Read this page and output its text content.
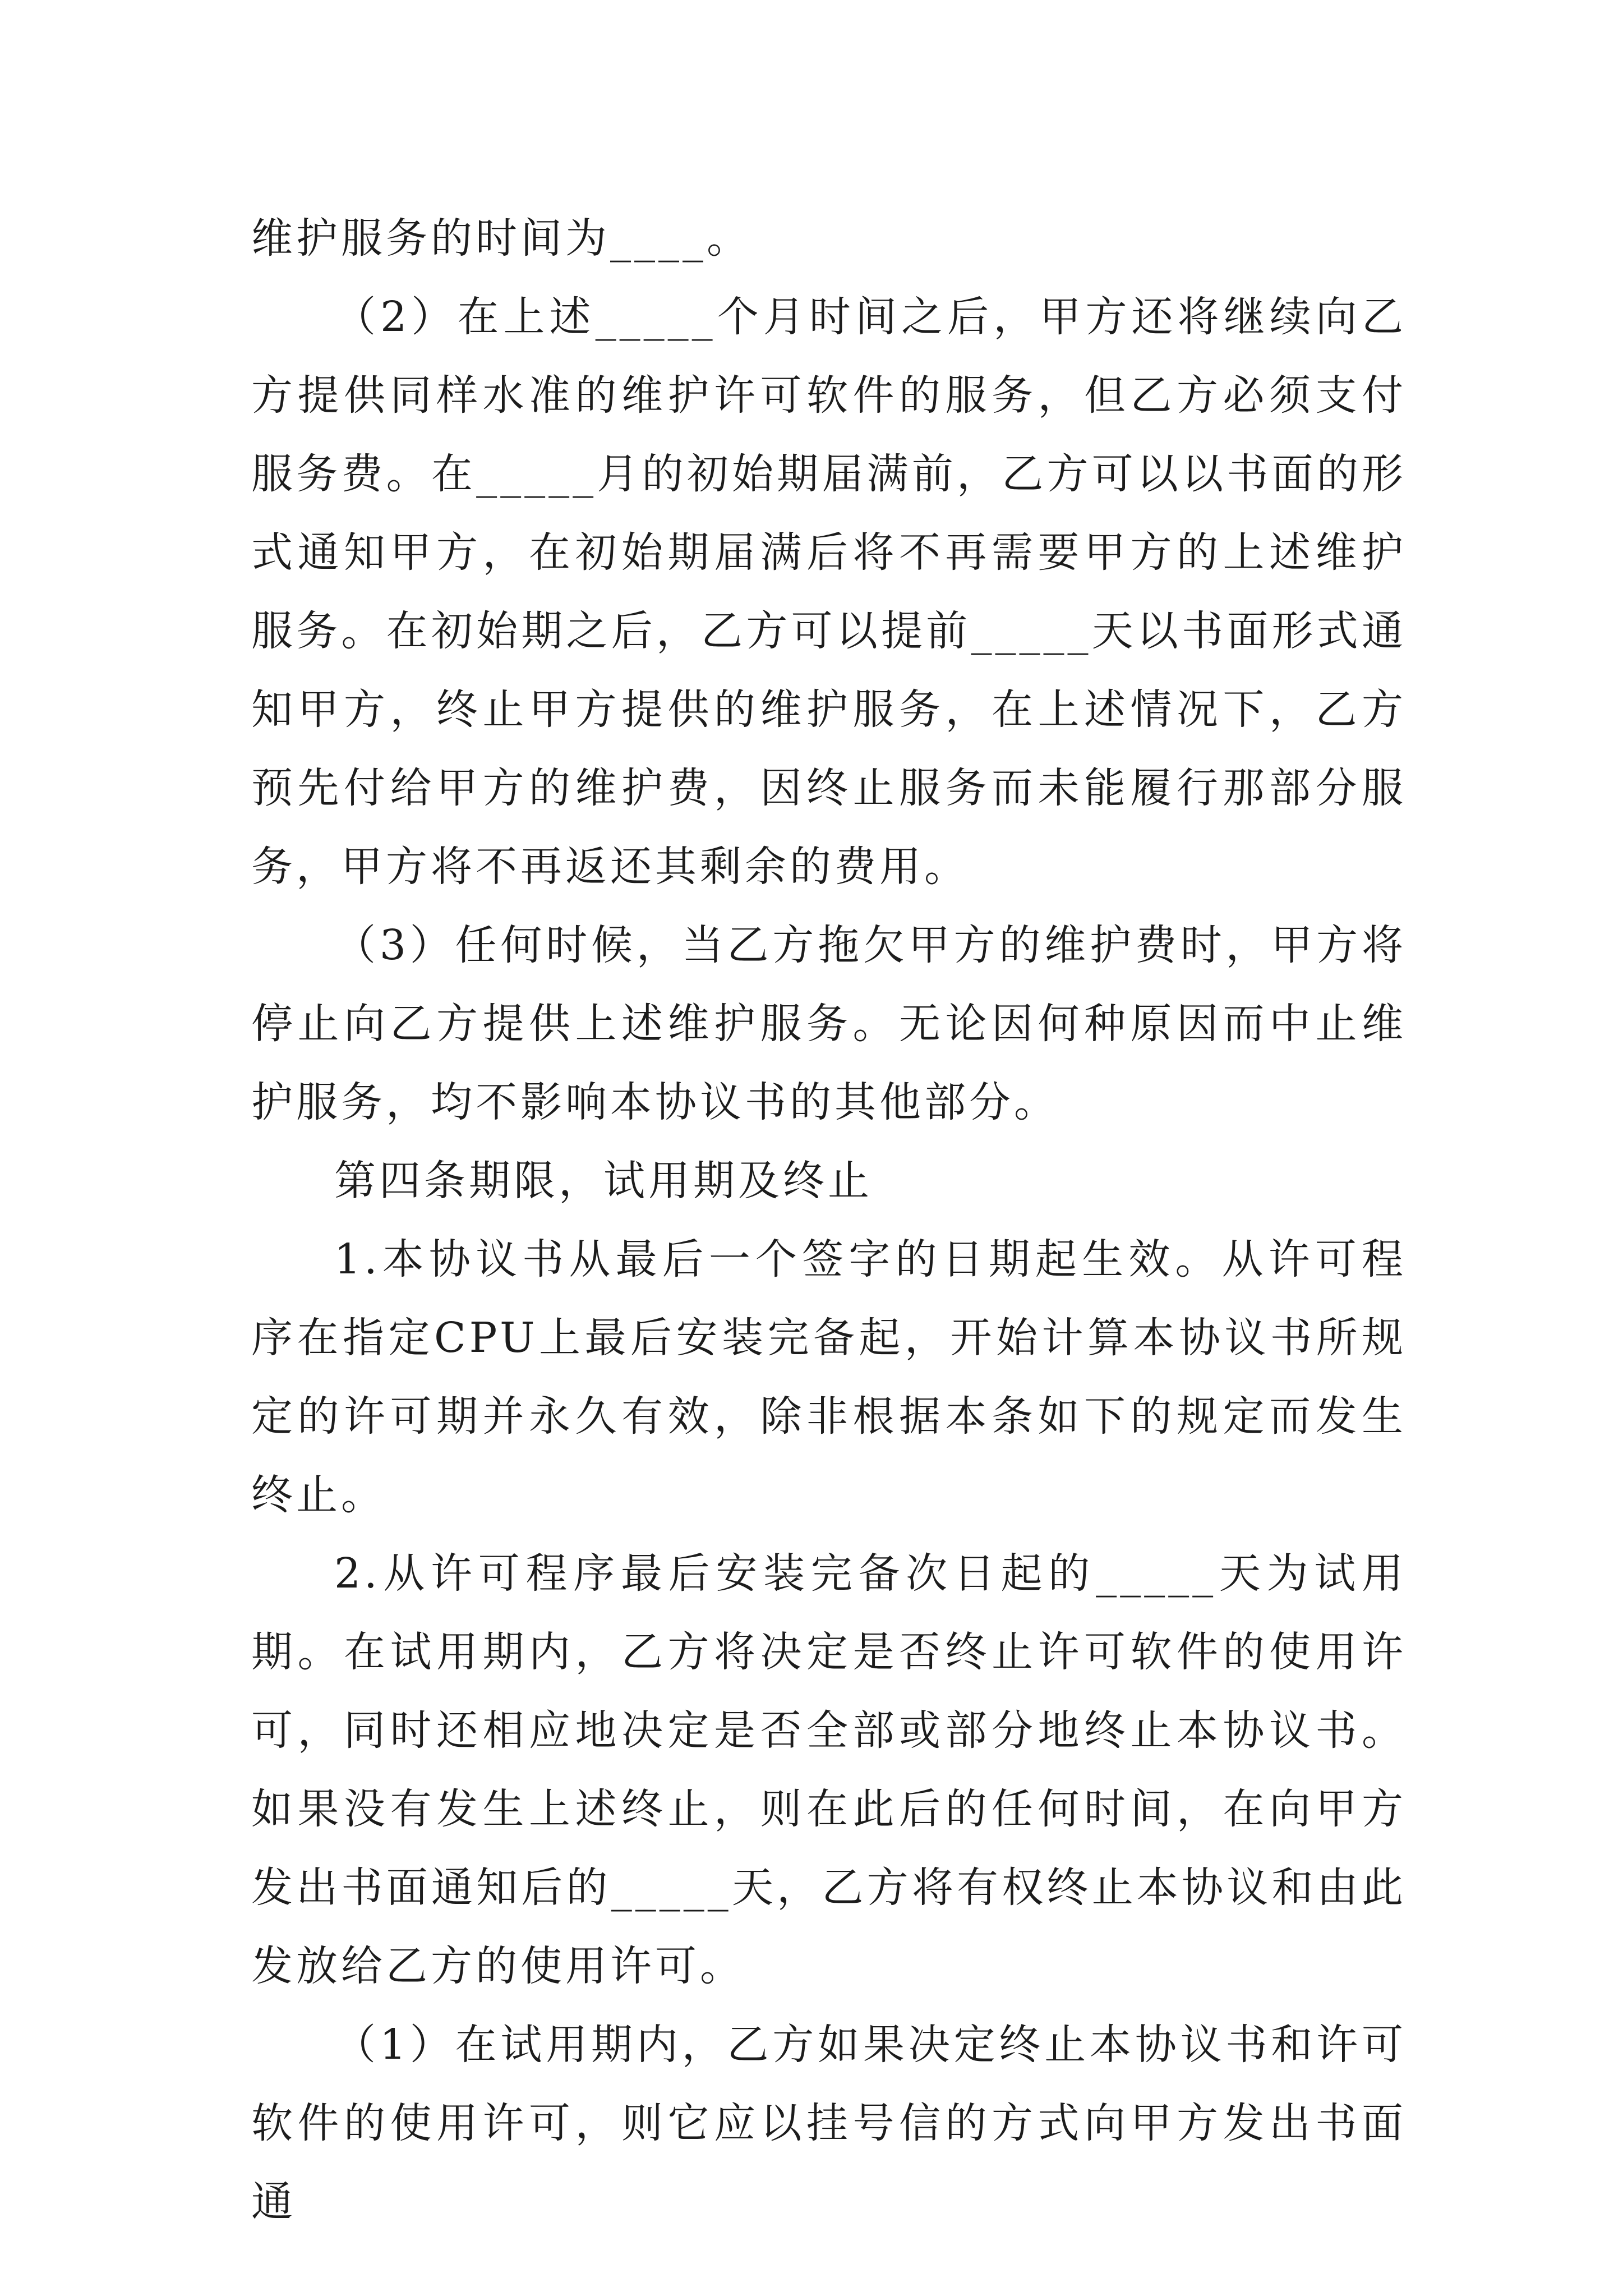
维护服务的时间为____。

（2）在上述_____个月时间之后，甲方还将继续向乙方提供同样水准的维护许可软件的服务，但乙方必须支付服务费。在_____月的初始期届满前，乙方可以以书面的形式通知甲方，在初始期届满后将不再需要甲方的上述维护服务。在初始期之后，乙方可以提前_____天以书面形式通知甲方，终止甲方提供的维护服务，在上述情况下，乙方预先付给甲方的维护费，因终止服务而未能履行那部分服务，甲方将不再返还其剩余的费用。

（3）任何时候，当乙方拖欠甲方的维护费时，甲方将停止向乙方提供上述维护服务。无论因何种原因而中止维护服务，均不影响本协议书的其他部分。

第四条期限，试用期及终止

1.本协议书从最后一个签字的日期起生效。从许可程序在指定CPU上最后安装完备起，开始计算本协议书所规定的许可期并永久有效，除非根据本条如下的规定而发生终止。

2.从许可程序最后安装完备次日起的_____天为试用期。在试用期内，乙方将决定是否终止许可软件的使用许可，同时还相应地决定是否全部或部分地终止本协议书。如果没有发生上述终止，则在此后的任何时间，在向甲方发出书面通知后的_____天，乙方将有权终止本协议和由此发放给乙方的使用许可。

（1）在试用期内，乙方如果决定终止本协议书和许可软件的使用许可，则它应以挂号信的方式向甲方发出书面通
